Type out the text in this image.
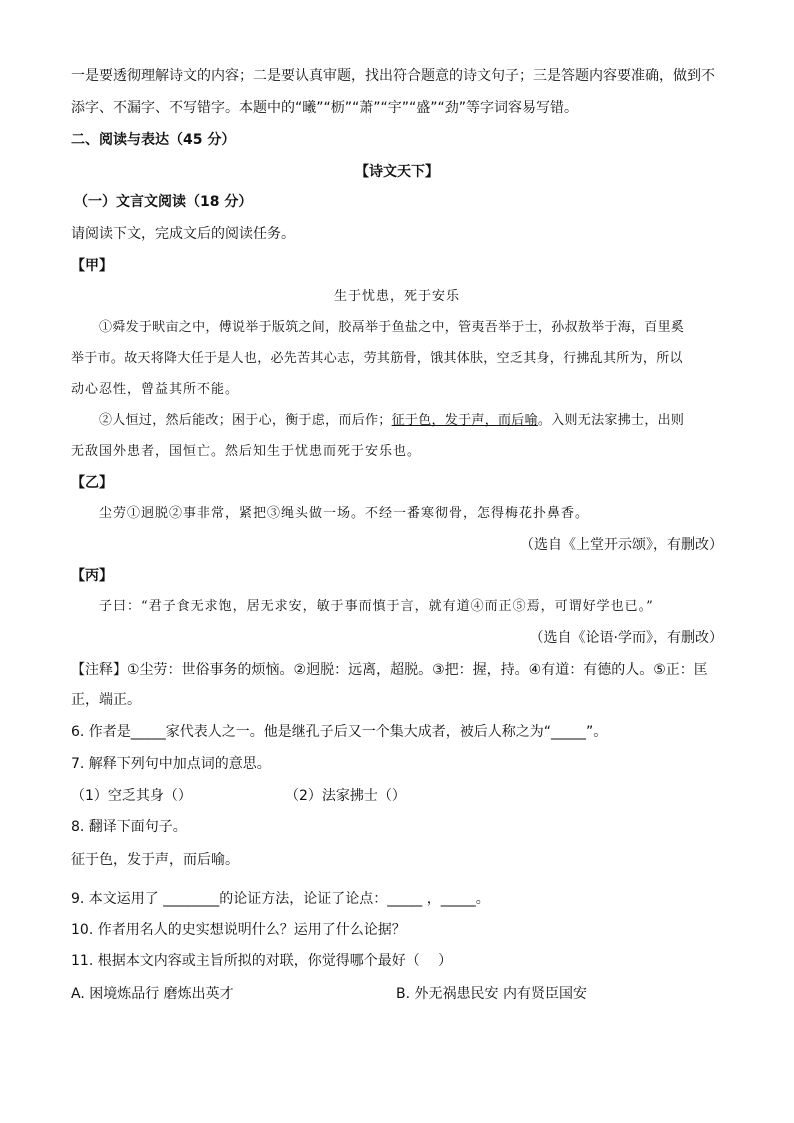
一是要透彻理解诗文的内容；二是要认真审题，找出符合题意的诗文句子；三是答题内容要准确，做到不
添字、不漏字、不写错字。本题中的“曦”“枥”“萧”“宇”“盛”“劲”等字词容易写错。
二、阅读与表达（45 分）
【诗文天下】
（一）文言文阅读（18 分）
请阅读下文，完成文后的阅读任务。
【甲】
生于忧患，死于安乐
①舜发于畎亩之中，傅说举于版筑之间，胶鬲举于鱼盐之中，管夷吾举于士，孙叔敖举于海，百里奚
举于市。故天将降大任于是人也，必先苦其心志，劳其筋骨，饿其体肤，空乏其身，行拂乱其所为，所以
动心忍性，曾益其所不能。
②人恒过，然后能改；困于心，衡于虑，而后作；征于色，发于声，而后喻。入则无法家拂士，出则
无敌国外患者，国恒亡。然后知生于忧患而死于安乐也。
【乙】
尘劳①迥脱②事非常，紧把③绳头做一场。不经一番寒彻骨，怎得梅花扑鼻香。
（选自《上堂开示颂》，有删改）
【丙】
子曰：“君子食无求饱，居无求安，敏于事而慎于言，就有道④而正⑤焉，可谓好学也已。”
（选自《论语·学而》，有删改）
【注释】①尘劳：世俗事务的烦恼。②迥脱：远离，超脱。③把：握，持。④有道：有德的人。⑤正：匡
正，端正。
6. 作者是_____家代表人之一。他是继孔子后又一个集大成者，被后人称之为“_____”。
7. 解释下列句中加点词的意思。
（1）空乏其身（）	（2）法家拂士（）
8. 翻译下面句子。
征于色，发于声，而后喻。
9. 本文运用了 ________的论证方法，论证了论点：_____ ，_____。
10. 作者用名人的史实想说明什么？运用了什么论据？
11. 根据本文内容或主旨所拟的对联，你觉得哪个最好（　 ）
A. 困境炼品行 磨炼出英才	B. 外无祸患民安 内有贤臣国安
